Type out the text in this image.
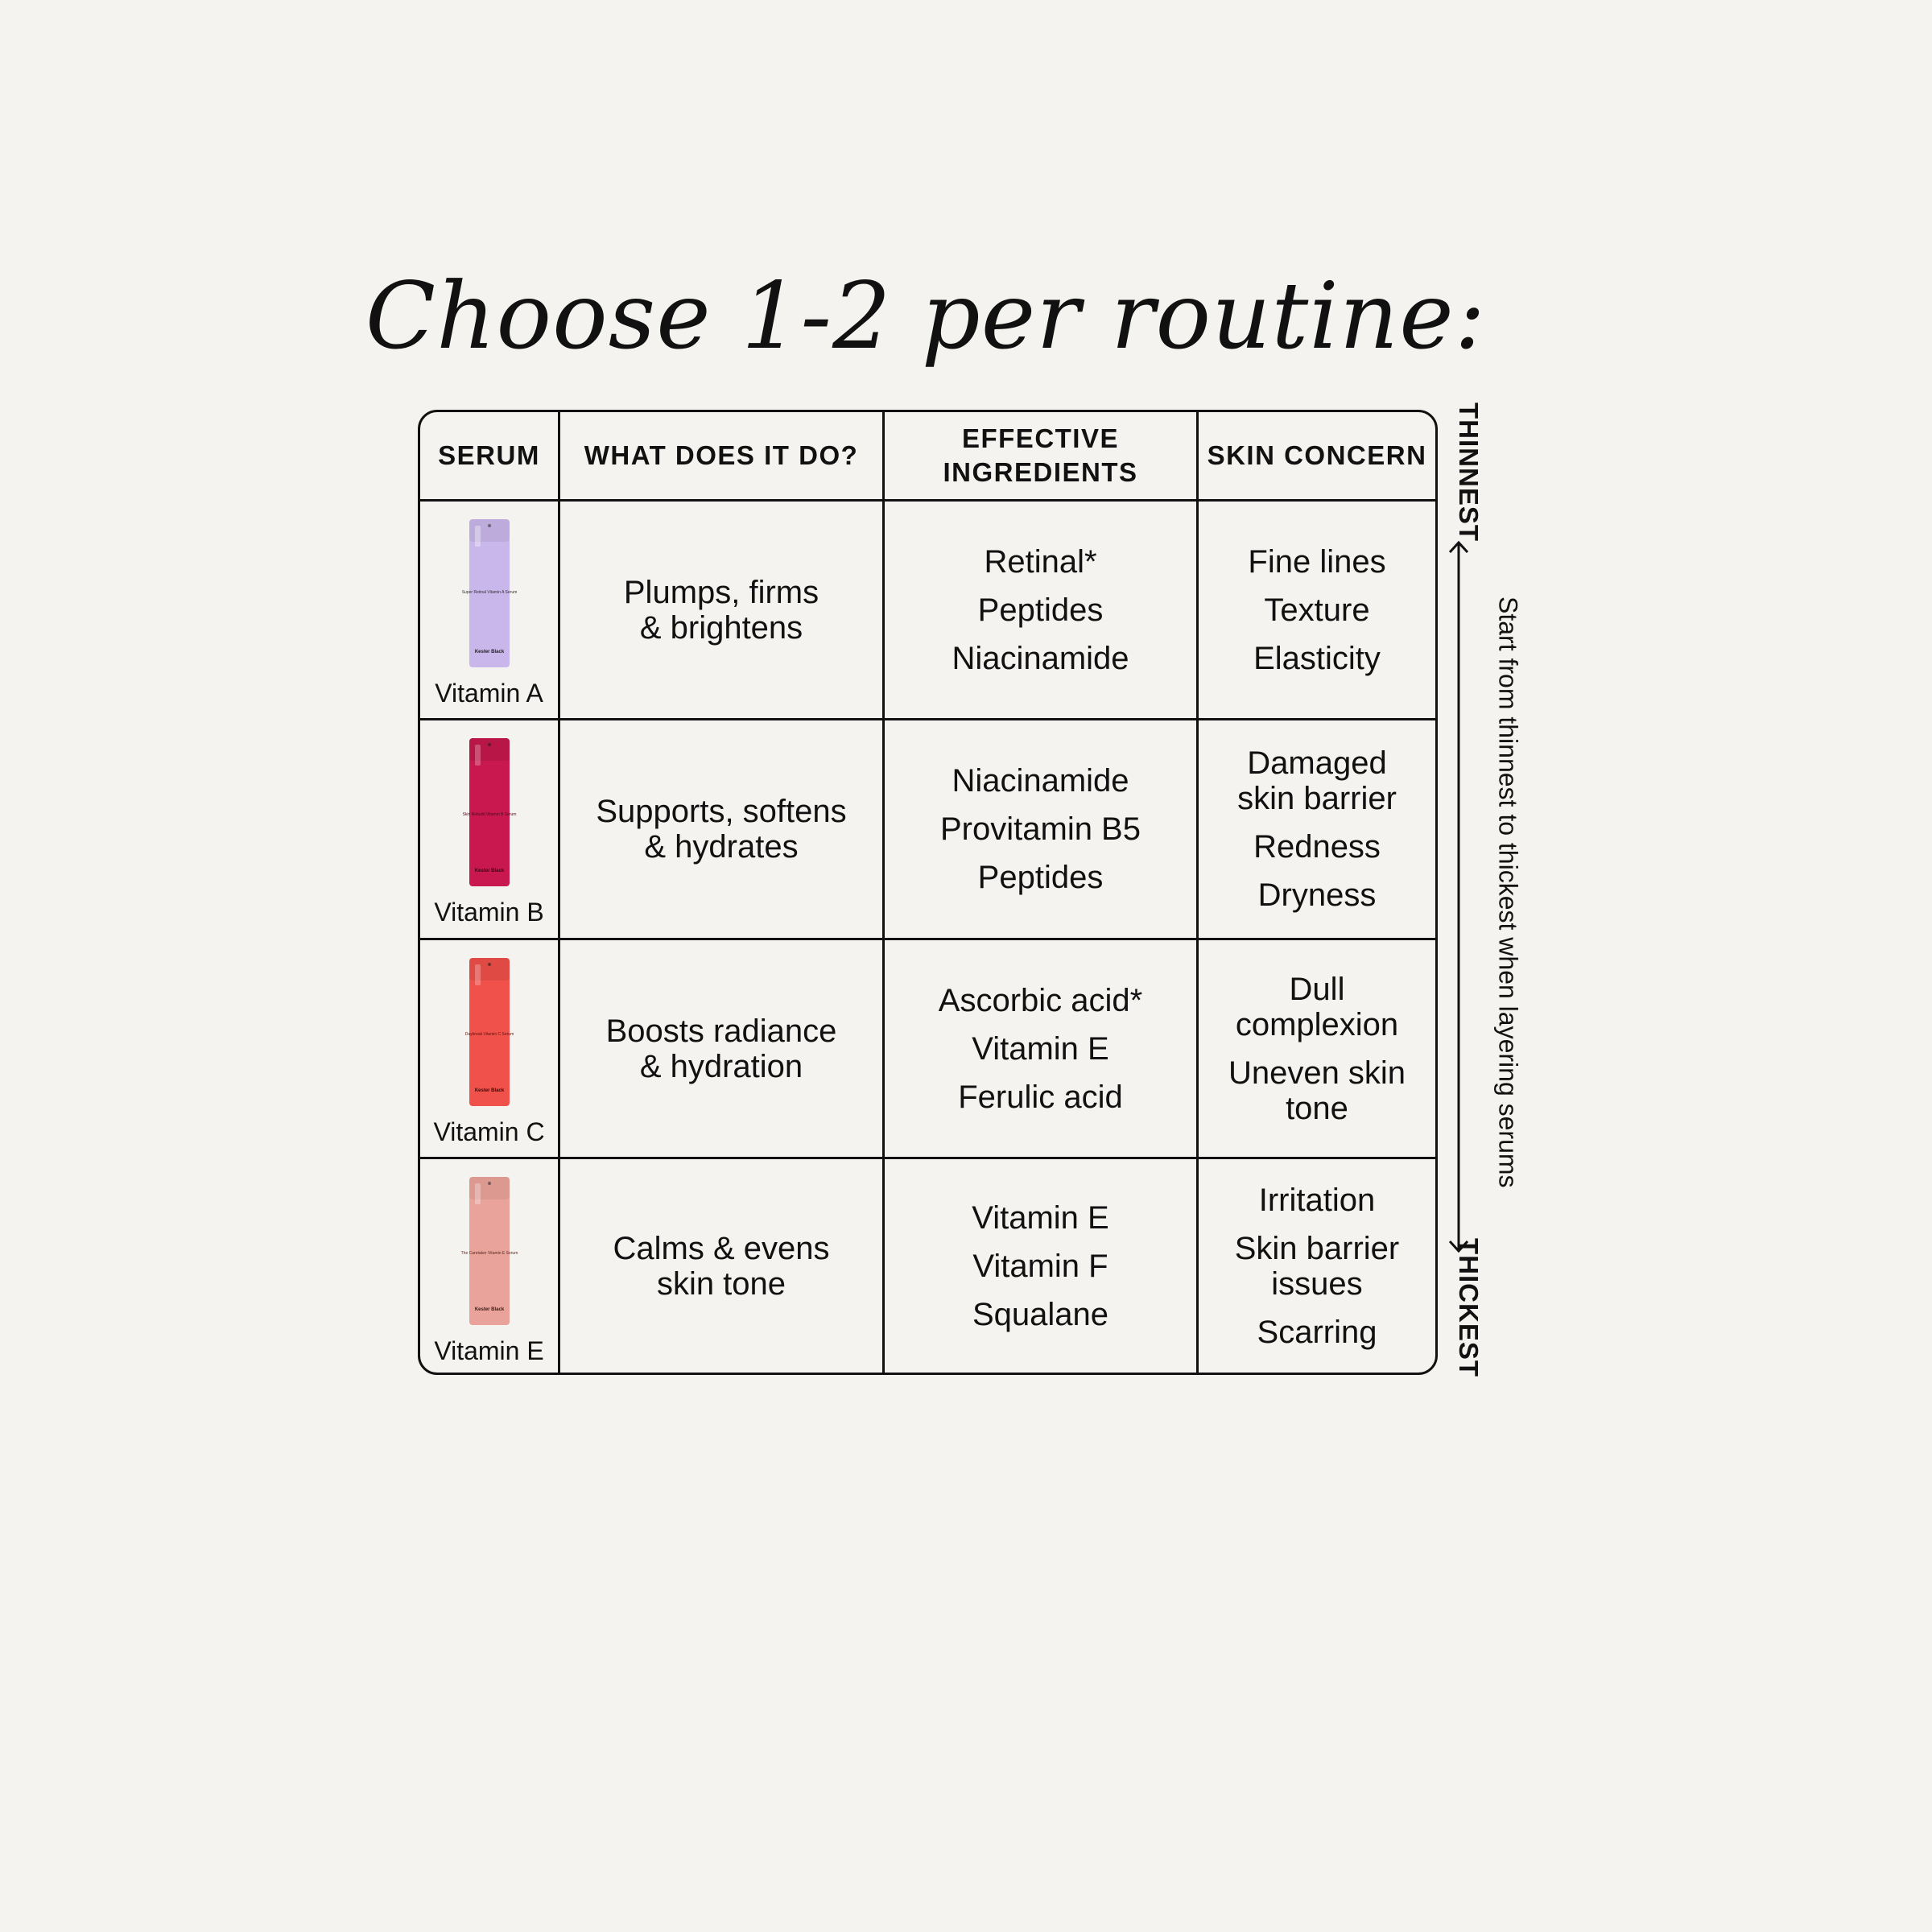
Choose 1-2 per routine:
SERUM	WHAT DOES IT DO?
EFFECTIVE
INGREDIENTS
SKIN CONCERN
Super Retinal Vitamin A Serum
Kester Black
Vitamin A
Plumps, firms
& brightens
Retinal*
Peptides
Niacinamide
Fine lines
Texture
Elasticity
Skin Rebuild Vitamin B Serum
Kester Black
Vitamin B
Supports, softens
& hydrates
Niacinamide
Provitamin B5
Peptides
Damaged skin barrier
Redness
Dryness
Daybreak Vitamin C Serum
Kester Black
Vitamin C
Boosts radiance
& hydration
Ascorbic acid*
Vitamin E
Ferulic acid
Dull complexion
Uneven skin tone
The Caretaker Vitamin E Serum
Kester Black
Vitamin E
Calms & evens
skin tone
Vitamin E
Vitamin F
Squalane
Irritation
Skin barrier issues
Scarring
THINNEST
THICKEST
Start from thinnest to thickest when layering serums
